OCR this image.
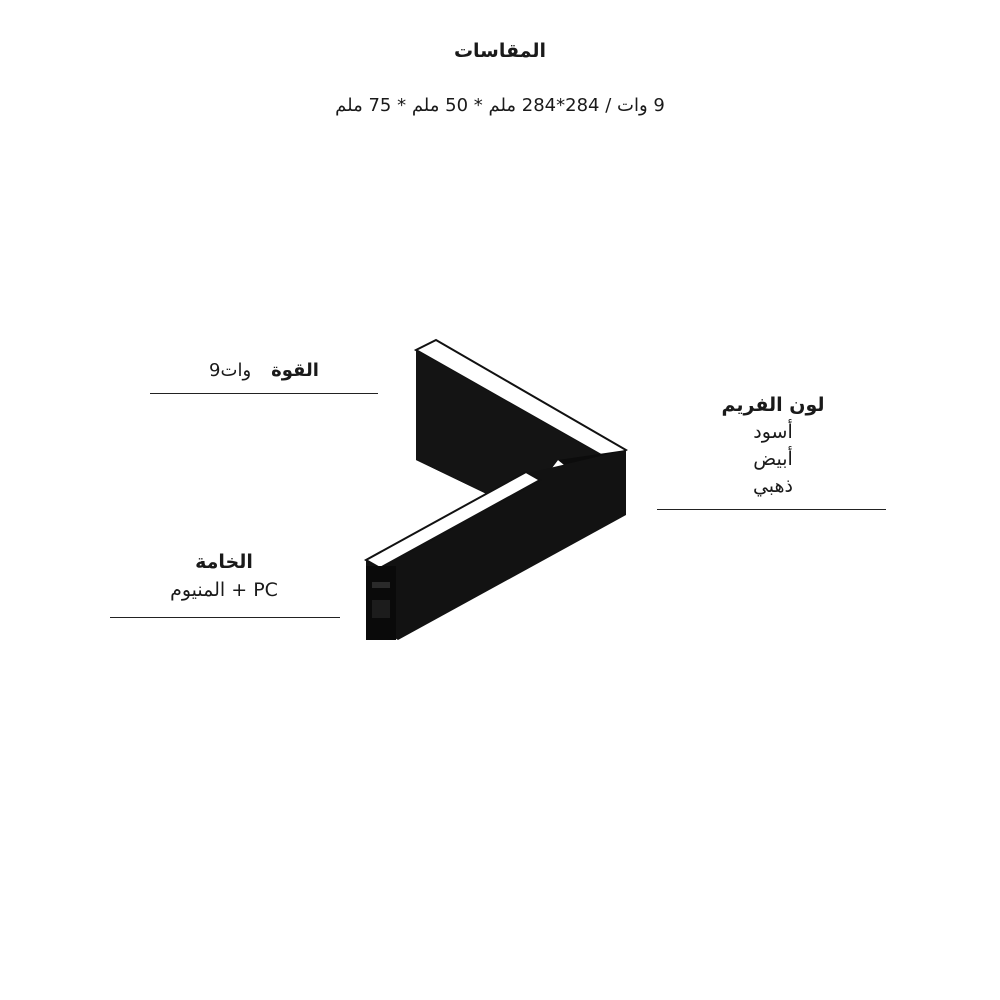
المقاسات
9 وات / 284*284 ملم * 50 ملم * 75 ملم
القوة
9وات
لون الفريم
أسود
أبيض
ذهبي
الخامة
PC + المنيوم
